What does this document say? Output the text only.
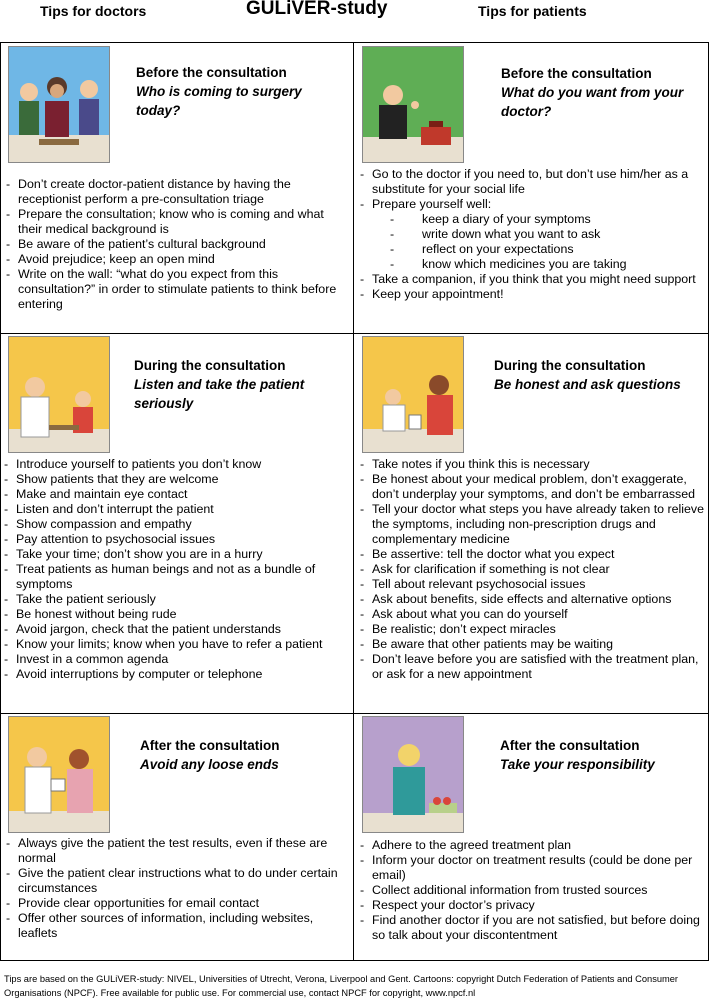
Tips for doctors	GULiVER-study	Tips for patients
Before the consultation
Who is coming to surgery today?
- Don’t create doctor-patient distance by having the receptionist perform a pre-consultation triage
- Prepare the consultation; know who is coming and what their medical background is
- Be aware of the patient’s cultural background
- Avoid prejudice; keep an open mind
- Write on the wall: “what do you expect from this consultation?” in order to stimulate patients to think before entering
Before the consultation
What do you want from your doctor?
- Go to the doctor if you need to, but don’t use him/her as a substitute for your social life
- Prepare yourself well:
- keep a diary of your symptoms
- write down what you want to ask
- reflect on your expectations
- know which medicines you are taking
- Take a companion, if you think that you might need support
- Keep your appointment!
During the consultation
Listen and take the patient seriously
- Introduce yourself to patients you don’t know
- Show patients that they are welcome
- Make and maintain eye contact
- Listen and don’t interrupt the patient
- Show compassion and empathy
- Pay attention to psychosocial issues
- Take your time; don’t show you are in a hurry
- Treat patients as human beings and not as a bundle of symptoms
- Take the patient seriously
- Be honest without being rude
- Avoid jargon, check that the patient understands
- Know your limits; know when you have to refer a patient
- Invest in a common agenda
- Avoid interruptions by computer or telephone
During the consultation
Be honest and ask questions
- Take notes if you think this is necessary
- Be honest about your medical problem, don’t exaggerate, don’t underplay your symptoms, and don’t be embarrassed
- Tell your doctor what steps you have already taken to relieve the symptoms, including non-prescription drugs and complementary medicine
- Be assertive: tell the doctor what you expect
- Ask for clarification if something is not clear
- Tell about relevant psychosocial issues
- Ask about benefits, side effects and alternative options
- Ask about what you can do yourself
- Be realistic; don’t expect miracles
- Be aware that other patients may be waiting
- Don’t leave before you are satisfied with the treatment plan, or ask for a new appointment
After the consultation
Avoid any loose ends
- Always give the patient the test results, even if these are normal
- Give the patient clear instructions what to do under certain circumstances
- Provide clear opportunities for email contact
- Offer other sources of information, including websites, leaflets
After the consultation
Take your responsibility
- Adhere to the agreed treatment plan
- Inform your doctor on treatment results (could be done per email)
- Collect additional information from trusted sources
- Respect your doctor’s privacy
- Find another doctor if you are not satisfied, but before doing so talk about your discontentment
Tips are based on the GULiVER-study: NIVEL, Universities of Utrecht, Verona, Liverpool and Gent. Cartoons: copyright Dutch Federation of Patients and Consumer Organisations (NPCF). Free available for public use. For commercial use, contact NPCF for copyright, www.npcf.nl
